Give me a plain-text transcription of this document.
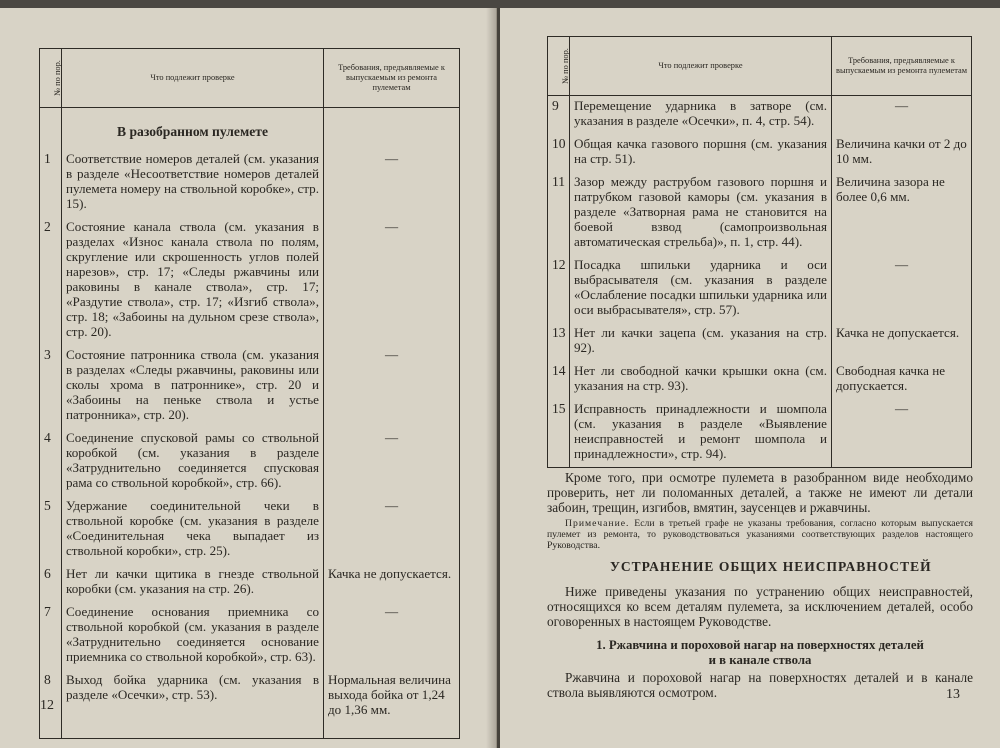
№ по пор.	Что подлежит проверке	Требования, предъявляемые к выпускаемым из ремонта пулеметам
	В разобранном пулемете	
1	Соответствие номеров деталей (см. указания в разделе «Несоответствие номеров деталей пулемета номеру на ствольной коробке», стр. 15).	—

2	Состояние канала ствола (см. указания в разделах «Износ канала ствола по полям, скругление или скрошенность углов полей нарезов», стр. 17; «Следы ржавчины или раковины в канале ствола», стр. 17; «Раздутие ствола», стр. 17; «Изгиб ствола», стр. 18; «Забоины на дульном срезе ствола», стр. 20).	—

3	Состояние патронника ствола (см. указания в разделах «Следы ржавчины, раковины или сколы хрома в патроннике», стр. 20 и «Забоины на пеньке ствола и устье патронника», стр. 20).	—

4	Соединение спусковой рамы со ствольной коробкой (см. указания в разделе «Затруднительно соединяется спусковая рама со ствольной коробкой», стр. 66).	—

5	Удержание соединительной чеки в ствольной коробке (см. указания в разделе «Соединительная чека выпадает из ствольной коробки», стр. 25).	—

6	Нет ли качки щитика в гнезде ствольной коробки (см. указания на стр. 26).	Качка не допускается.
7	Соединение основания приемника со ствольной коробкой (см. указания в разделе «Затруднительно соединяется основание приемника со ствольной коробкой», стр. 63).	—

8	Выход бойка ударника (см. указания в разделе «Осечки», стр. 53).	Нормальная величина выхода бойка от 1,24 до 1,36 мм.
12
№ по пор.	Что подлежит проверке	Требования, предъявляемые к выпускаемым из ремонта пулеметам
9	Перемещение ударника в затворе (см. указания в разделе «Осечки», п. 4, стр. 54).	—

10	Общая качка газового поршня (см. указания на стр. 51).	Величина качки от 2 до 10 мм.
11	Зазор между раструбом газового поршня и патрубком газовой каморы (см. указания в разделе «Затворная рама не становится на боевой взвод (самопроизвольная автоматическая стрельба)», п. 1, стр. 44).	Величина зазора не более 0,6 мм.
12	Посадка шпильки ударника и оси выбрасывателя (см. указания в разделе «Ослабление посадки шпильки ударника или оси выбрасывателя», стр. 57).	—

13	Нет ли качки зацепа (см. указания на стр. 92).	Качка не допускается.
14	Нет ли свободной качки крышки окна (см. указания на стр. 93).	Свободная качка не допускается.
15	Исправность принадлежности и шомпола (см. указания в разделе «Выявление неисправностей и ремонт шомпола и принадлежности», стр. 94).	—
Кроме того, при осмотре пулемета в разобранном виде необходимо проверить, нет ли поломанных деталей, а также не имеют ли детали забоин, трещин, изгибов, вмятин, заусенцев и ржавчины.
Примечание. Если в третьей графе не указаны требования, согласно которым выпускается пулемет из ремонта, то руководствоваться указаниями соответствующих разделов настоящего Руководства.
УСТРАНЕНИЕ ОБЩИХ НЕИСПРАВНОСТЕЙ
Ниже приведены указания по устранению общих неисправностей, относящихся ко всем деталям пулемета, за исключением деталей, особо оговоренных в настоящем Руководстве.
1. Ржавчина и пороховой нагар на поверхностях деталей
и в канале ствола
Ржавчина и пороховой нагар на поверхностях деталей и в канале ствола выявляются осмотром.	13
